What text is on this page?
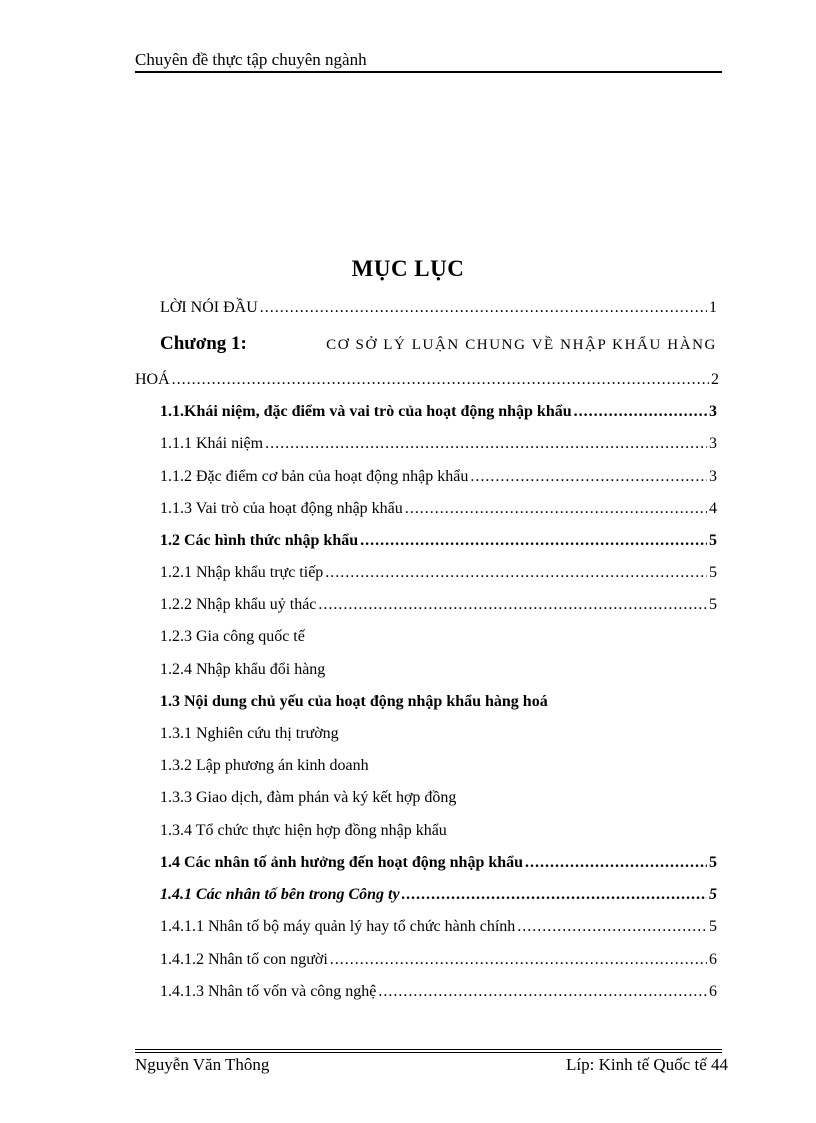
Chuyên đề thực tập chuyên ngành
MỤC LỤC
LỜI NÓI ĐẦU .....	1
Chương 1:	CƠ SỞ LÝ LUẬN CHUNG VỀ NHẬP KHẨU HÀNG
HOÁ .....	2
1.1.Khái niệm, đặc điểm và vai trò của hoạt động nhập khẩu .....	3
1.1.1 Khái niệm .....	3
1.1.2 Đặc điểm cơ bản của hoạt động nhập khẩu .....	3
1.1.3 Vai trò của hoạt động nhập khẩu .....	4
1.2 Các hình thức nhập khẩu .....	5
1.2.1 Nhập khẩu trực tiếp .....	5
1.2.2 Nhập khẩu uỷ thác .....	5
1.2.3 Gia công quốc tế
1.2.4 Nhập khẩu đổi hàng
1.3 Nội dung chủ yếu của hoạt động nhập khẩu hàng hoá
1.3.1 Nghiên cứu thị trường
1.3.2 Lập phương án kinh doanh
1.3.3 Giao dịch, đàm phán và ký kết hợp đồng
1.3.4 Tổ chức thực hiện hợp đồng nhập khẩu
1.4 Các nhân tố ảnh hưởng đến hoạt động nhập khẩu .....	5
1.4.1 Các nhân tố bên trong Công ty .....	5
1.4.1.1 Nhân tố bộ máy quản lý hay tổ chức hành chính .....	5
1.4.1.2 Nhân tố con người .....	6
1.4.1.3 Nhân tố vốn và công nghệ .....	6
Nguyễn Văn Thông	Líp: Kinh tế Quốc tế 44
